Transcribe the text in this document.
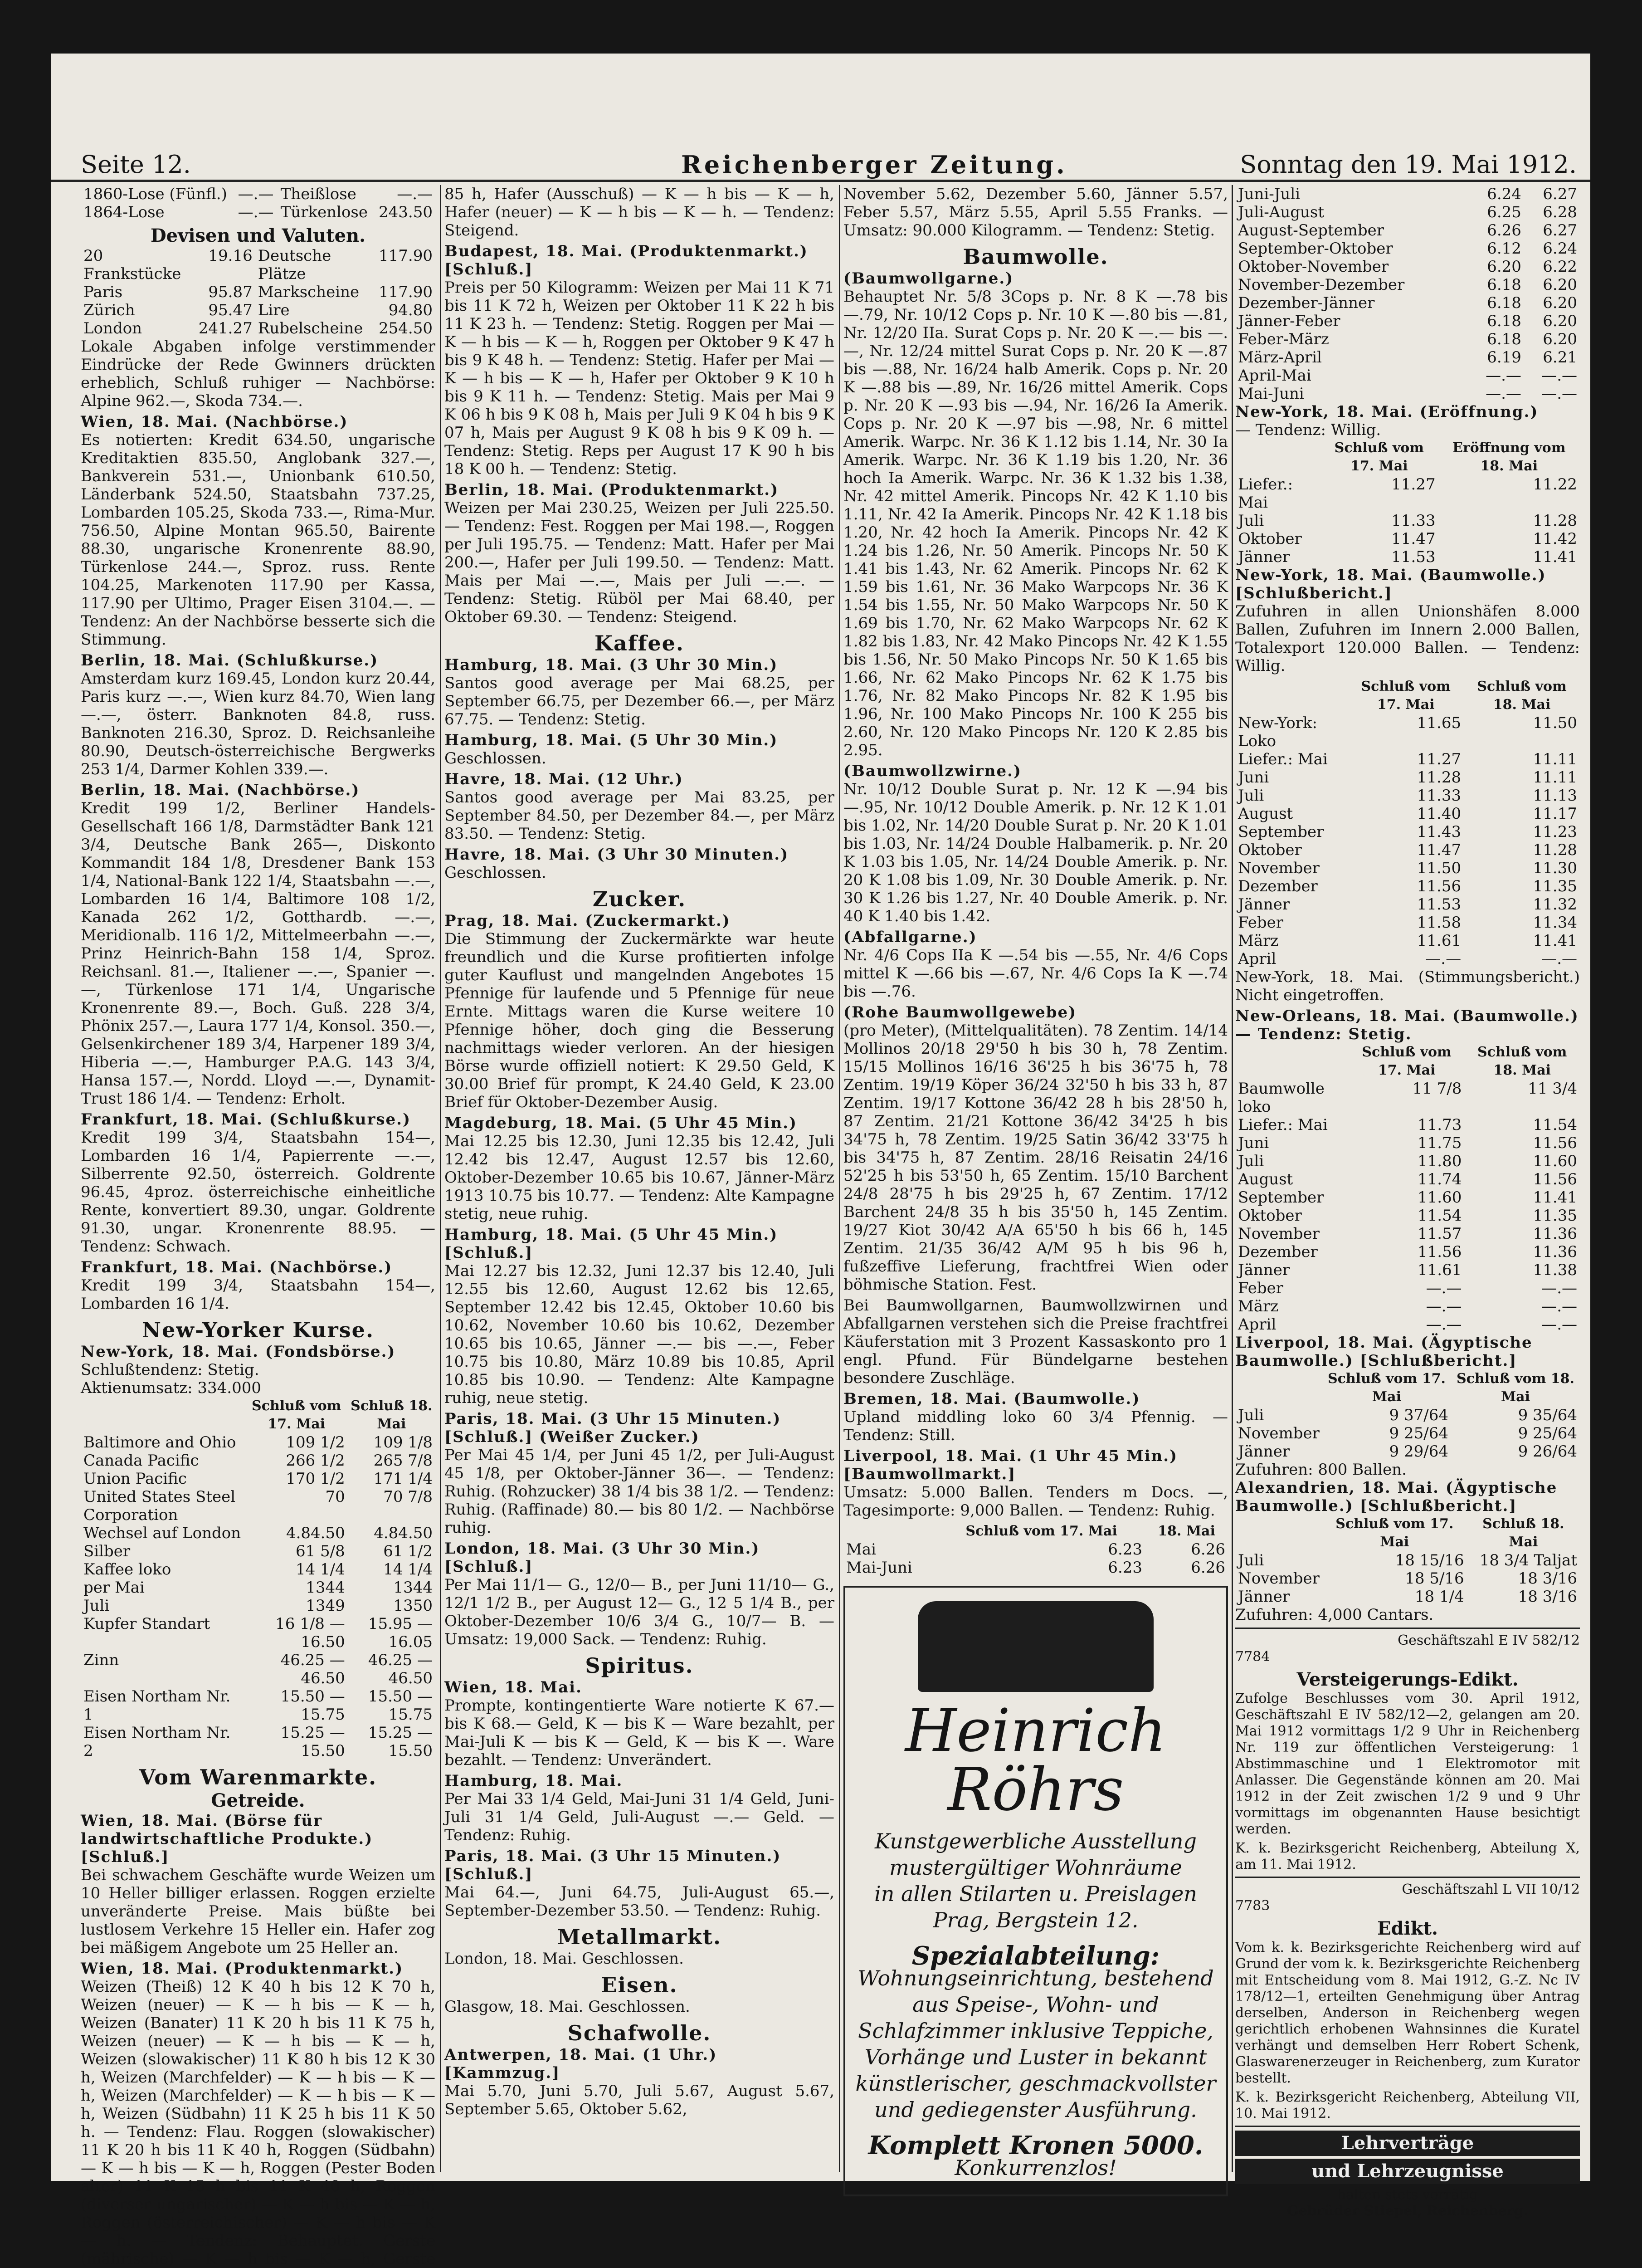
Seite 12.	Reichenberger Zeitung.	Sonntag den 19. Mai 1912.
1860-Lose (Fünfl.)	—.—	Theißlose	—.—
1864-Lose	—.—	Türkenlose	243.50
Devisen und Valuten.
20 Frankstücke	19.16	Deutsche Plätze	117.90
Paris	95.87	Markscheine	117.90
Zürich	95.47	Lire	94.80
London	241.27	Rubelscheine	254.50

Lokale Abgaben infolge verstimmender Eindrücke der Rede Gwinners drückten erheblich, Schluß ruhiger — Nachbörse: Alpine 962.—, Skoda 734.—.

Wien, 18. Mai. (Nachbörse.)

Es notierten: Kredit 634.50, ungarische Kreditaktien 835.50, Anglobank 327.—, Bankverein 531.—, Unionbank 610.50, Länderbank 524.50, Staatsbahn 737.25, Lombarden 105.25, Skoda 733.—, Rima-Mur. 756.50, Alpine Montan 965.50, Bairente 88.30, ungarische Kronenrente 88.90, Türkenlose 244.—, Sproz. russ. Rente 104.25, Markenoten 117.90 per Kassa, 117.90 per Ultimo, Prager Eisen 3104.—. — Tendenz: An der Nachbörse besserte sich die Stimmung.

Berlin, 18. Mai. (Schlußkurse.)

Amsterdam kurz 169.45, London kurz 20.44, Paris kurz —.—, Wien kurz 84.70, Wien lang —.—, österr. Banknoten 84.8, russ. Banknoten 216.30, Sproz. D. Reichsanleihe 80.90, Deutsch-österreichische Bergwerks 253 1/4, Darmer Kohlen 339.—.

Berlin, 18. Mai. (Nachbörse.)

Kredit 199 1/2, Berliner Handels-Gesellschaft 166 1/8, Darmstädter Bank 121 3/4, Deutsche Bank 265—, Diskonto Kommandit 184 1/8, Dresdener Bank 153 1/4, National-Bank 122 1/4, Staatsbahn —.—, Lombarden 16 1/4, Baltimore 108 1/2, Kanada 262 1/2, Gotthardb. —.—, Meridionalb. 116 1/2, Mittelmeerbahn —.—, Prinz Heinrich-Bahn 158 1/4, Sproz. Reichsanl. 81.—, Italiener —.—, Spanier —.—, Türkenlose 171 1/4, Ungarische Kronenrente 89.—, Boch. Guß. 228 3/4, Phönix 257.—, Laura 177 1/4, Konsol. 350.—, Gelsenkirchener 189 3/4, Harpener 189 3/4, Hiberia —.—, Hamburger P.A.G. 143 3/4, Hansa 157.—, Nordd. Lloyd —.—, Dynamit-Trust 186 1/4. — Tendenz: Erholt.

Frankfurt, 18. Mai. (Schlußkurse.)

Kredit 199 3/4, Staatsbahn 154—, Lombarden 16 1/4, Papierrente —.—, Silberrente 92.50, österreich. Goldrente 96.45, 4proz. österreichische einheitliche Rente, konvertiert 89.30, ungar. Goldrente 91.30, ungar. Kronenrente 88.95. — Tendenz: Schwach.

Frankfurt, 18. Mai. (Nachbörse.)

Kredit 199 3/4, Staatsbahn 154—, Lombarden 16 1/4.

New-Yorker Kurse.
New-York, 18. Mai. (Fondsbörse.)
Schlußtendenz: Stetig.
Aktienumsatz: 334.000
	Schluß vom 17. Mai	Schluß 18. Mai
Baltimore and Ohio	109 1/2	109 1/8
Canada Pacific	266 1/2	265 7/8
Union Pacific	170 1/2	171 1/4
United States Steel Corporation	70	70 7/8
Wechsel auf London	4.84.50	4.84.50
Silber	61 5/8	61 1/2
Kaffee loko	14 1/4	14 1/4
per Mai	1344	1344
Juli	1349	1350
Kupfer Standart	16 1/8 — 16.50	15.95 — 16.05
Zinn	46.25 — 46.50	46.25 — 46.50
Eisen Northam Nr. 1	15.50 — 15.75	15.50 — 15.75
Eisen Northam Nr. 2	15.25 — 15.50	15.25 — 15.50
Vom Warenmarkte.
Getreide.
Wien, 18. Mai. (Börse für landwirtschaftliche Produkte.) [Schluß.]

Bei schwachem Geschäfte wurde Weizen um 10 Heller billiger erlassen. Roggen erzielte unveränderte Preise. Mais büßte bei lustlosem Verkehre 15 Heller ein. Hafer zog bei mäßigem Angebote um 25 Heller an.

Wien, 18. Mai. (Produktenmarkt.)

Weizen (Theiß) 12 K 40 h bis 12 K 70 h, Weizen (neuer) — K — h bis — K — h, Weizen (Banater) 11 K 20 h bis 11 K 75 h, Weizen (neuer) — K — h bis — K — h, Weizen (slowakischer) 11 K 80 h bis 12 K 30 h, Weizen (Marchfelder) — K — h bis — K — h, Weizen (Marchfelder) — K — h bis — K — h, Weizen (Südbahn) 11 K 25 h bis 11 K 50 h. — Tendenz: Flau. Roggen (slowakischer) 11 K 20 h bis 11 K 40 h, Roggen (Südbahn) — K — h bis — K — h, Roggen (Pester Boden alter) 11 K 15 h bis 11 K 40 h, Roggen (diverser ungarischer) — K — h bis — K — h, Roggen (österreichischer) — K — h bis — K — h. — Tendenz: Behauptet. Gerste (mährische) — K — h bis — K — h, Gerste

85 h, Hafer (Ausschuß) — K — h bis — K — h, Hafer (neuer) — K — h bis — K — h. — Tendenz: Steigend.

Budapest, 18. Mai. (Produktenmarkt.) [Schluß.]

Preis per 50 Kilogramm: Weizen per Mai 11 K 71 bis 11 K 72 h, Weizen per Oktober 11 K 22 h bis 11 K 23 h. — Tendenz: Stetig. Roggen per Mai — K — h bis — K — h, Roggen per Oktober 9 K 47 h bis 9 K 48 h. — Tendenz: Stetig. Hafer per Mai — K — h bis — K — h, Hafer per Oktober 9 K 10 h bis 9 K 11 h. — Tendenz: Stetig. Mais per Mai 9 K 06 h bis 9 K 08 h, Mais per Juli 9 K 04 h bis 9 K 07 h, Mais per August 9 K 08 h bis 9 K 09 h. — Tendenz: Stetig. Reps per August 17 K 90 h bis 18 K 00 h. — Tendenz: Stetig.

Berlin, 18. Mai. (Produktenmarkt.)

Weizen per Mai 230.25, Weizen per Juli 225.50. — Tendenz: Fest. Roggen per Mai 198.—, Roggen per Juli 195.75. — Tendenz: Matt. Hafer per Mai 200.—, Hafer per Juli 199.50. — Tendenz: Matt. Mais per Mai —.—, Mais per Juli —.—. — Tendenz: Stetig. Rüböl per Mai 68.40, per Oktober 69.30. — Tendenz: Steigend.

Kaffee.
Hamburg, 18. Mai. (3 Uhr 30 Min.)

Santos good average per Mai 68.25, per September 66.75, per Dezember 66.—, per März 67.75. — Tendenz: Stetig.

Hamburg, 18. Mai. (5 Uhr 30 Min.)

Geschlossen.

Havre, 18. Mai. (12 Uhr.)

Santos good average per Mai 83.25, per September 84.50, per Dezember 84.—, per März 83.50. — Tendenz: Stetig.

Havre, 18. Mai. (3 Uhr 30 Minuten.)

Geschlossen.

Zucker.
Prag, 18. Mai. (Zuckermarkt.)

Die Stimmung der Zuckermärkte war heute freundlich und die Kurse profitierten infolge guter Kauflust und mangelnden Angebotes 15 Pfennige für laufende und 5 Pfennige für neue Ernte. Mittags waren die Kurse weitere 10 Pfennige höher, doch ging die Besserung nachmittags wieder verloren. An der hiesigen Börse wurde offiziell notiert: K 29.50 Geld, K 30.00 Brief für prompt, K 24.40 Geld, K 23.00 Brief für Oktober-Dezember Ausig.

Magdeburg, 18. Mai. (5 Uhr 45 Min.)

Mai 12.25 bis 12.30, Juni 12.35 bis 12.42, Juli 12.42 bis 12.47, August 12.57 bis 12.60, Oktober-Dezember 10.65 bis 10.67, Jänner-März 1913 10.75 bis 10.77. — Tendenz: Alte Kampagne stetig, neue ruhig.

Hamburg, 18. Mai. (5 Uhr 45 Min.) [Schluß.]

Mai 12.27 bis 12.32, Juni 12.37 bis 12.40, Juli 12.55 bis 12.60, August 12.62 bis 12.65, September 12.42 bis 12.45, Oktober 10.60 bis 10.62, November 10.60 bis 10.62, Dezember 10.65 bis 10.65, Jänner —.— bis —.—, Feber 10.75 bis 10.80, März 10.89 bis 10.85, April 10.85 bis 10.90. — Tendenz: Alte Kampagne ruhig, neue stetig.

Paris, 18. Mai. (3 Uhr 15 Minuten.) [Schluß.] (Weißer Zucker.)

Per Mai 45 1/4, per Juni 45 1/2, per Juli-August 45 1/8, per Oktober-Jänner 36—. — Tendenz: Ruhig. (Rohzucker) 38 1/4 bis 38 1/2. — Tendenz: Ruhig. (Raffinade) 80.— bis 80 1/2. — Nachbörse ruhig.

London, 18. Mai. (3 Uhr 30 Min.) [Schluß.]

Per Mai 11/1— G., 12/0— B., per Juni 11/10— G., 12/1 1/2 B., per August 12— G., 12 5 1/4 B., per Oktober-Dezember 10/6 3/4 G., 10/7— B. — Umsatz: 19,000 Sack. — Tendenz: Ruhig.

Spiritus.
Wien, 18. Mai.

Prompte, kontingentierte Ware notierte K 67.— bis K 68.— Geld, K — bis K — Ware bezahlt, per Mai-Juli K — bis K — Geld, K — bis K —. Ware bezahlt. — Tendenz: Unverändert.

Hamburg, 18. Mai.

Per Mai 33 1/4 Geld, Mai-Juni 31 1/4 Geld, Juni-Juli 31 1/4 Geld, Juli-August —.— Geld. — Tendenz: Ruhig.

Paris, 18. Mai. (3 Uhr 15 Minuten.) [Schluß.]

Mai 64.—, Juni 64.75, Juli-August 65.—, September-Dezember 53.50. — Tendenz: Ruhig.

Metallmarkt.

London, 18. Mai. Geschlossen.

Eisen.

Glasgow, 18. Mai. Geschlossen.

Schafwolle.
Antwerpen, 18. Mai. (1 Uhr.) [Kammzug.]

Mai 5.70, Juni 5.70, Juli 5.67, August 5.67, September 5.65, Oktober 5.62,

November 5.62, Dezember 5.60, Jänner 5.57, Feber 5.57, März 5.55, April 5.55 Franks. — Umsatz: 90.000 Kilogramm. — Tendenz: Stetig.

Baumwolle.
(Baumwollgarne.)

Behauptet Nr. 5/8 3Cops p. Nr. 8 K —.78 bis —.79, Nr. 10/12 Cops p. Nr. 10 K —.80 bis —.81, Nr. 12/20 IIa. Surat Cops p. Nr. 20 K —.— bis —.—, Nr. 12/24 mittel Surat Cops p. Nr. 20 K —.87 bis —.88, Nr. 16/24 halb Amerik. Cops p. Nr. 20 K —.88 bis —.89, Nr. 16/26 mittel Amerik. Cops p. Nr. 20 K —.93 bis —.94, Nr. 16/26 Ia Amerik. Cops p. Nr. 20 K —.97 bis —.98, Nr. 6 mittel Amerik. Warpc. Nr. 36 K 1.12 bis 1.14, Nr. 30 Ia Amerik. Warpc. Nr. 36 K 1.19 bis 1.20, Nr. 36 hoch Ia Amerik. Warpc. Nr. 36 K 1.32 bis 1.38, Nr. 42 mittel Amerik. Pincops Nr. 42 K 1.10 bis 1.11, Nr. 42 Ia Amerik. Pincops Nr. 42 K 1.18 bis 1.20, Nr. 42 hoch Ia Amerik. Pincops Nr. 42 K 1.24 bis 1.26, Nr. 50 Amerik. Pincops Nr. 50 K 1.41 bis 1.43, Nr. 62 Amerik. Pincops Nr. 62 K 1.59 bis 1.61, Nr. 36 Mako Warpcops Nr. 36 K 1.54 bis 1.55, Nr. 50 Mako Warpcops Nr. 50 K 1.69 bis 1.70, Nr. 62 Mako Warpcops Nr. 62 K 1.82 bis 1.83, Nr. 42 Mako Pincops Nr. 42 K 1.55 bis 1.56, Nr. 50 Mako Pincops Nr. 50 K 1.65 bis 1.66, Nr. 62 Mako Pincops Nr. 62 K 1.75 bis 1.76, Nr. 82 Mako Pincops Nr. 82 K 1.95 bis 1.96, Nr. 100 Mako Pincops Nr. 100 K 255 bis 2.60, Nr. 120 Mako Pincops Nr. 120 K 2.85 bis 2.95.

(Baumwollzwirne.)

Nr. 10/12 Double Surat p. Nr. 12 K —.94 bis —.95, Nr. 10/12 Double Amerik. p. Nr. 12 K 1.01 bis 1.02, Nr. 14/20 Double Surat p. Nr. 20 K 1.01 bis 1.03, Nr. 14/24 Double Halbamerik. p. Nr. 20 K 1.03 bis 1.05, Nr. 14/24 Double Amerik. p. Nr. 20 K 1.08 bis 1.09, Nr. 30 Double Amerik. p. Nr. 30 K 1.26 bis 1.27, Nr. 40 Double Amerik. p. Nr. 40 K 1.40 bis 1.42.

(Abfallgarne.)

Nr. 4/6 Cops IIa K —.54 bis —.55, Nr. 4/6 Cops mittel K —.66 bis —.67, Nr. 4/6 Cops Ia K —.74 bis —.76.

(Rohe Baumwollgewebe)

(pro Meter), (Mittelqualitäten). 78 Zentim. 14/14 Mollinos 20/18 29'50 h bis 30 h, 78 Zentim. 15/15 Mollinos 16/16 36'25 h bis 36'75 h, 78 Zentim. 19/19 Köper 36/24 32'50 h bis 33 h, 87 Zentim. 19/17 Kottone 36/42 28 h bis 28'50 h, 87 Zentim. 21/21 Kottone 36/42 34'25 h bis 34'75 h, 78 Zentim. 19/25 Satin 36/42 33'75 h bis 34'75 h, 87 Zentim. 28/16 Reisatin 24/16 52'25 h bis 53'50 h, 65 Zentim. 15/10 Barchent 24/8 28'75 h bis 29'25 h, 67 Zentim. 17/12 Barchent 24/8 35 h bis 35'50 h, 145 Zentim. 19/27 Kiot 30/42 A/A 65'50 h bis 66 h, 145 Zentim. 21/35 36/42 A/M 95 h bis 96 h, fußzeffive Lieferung, frachtfrei Wien oder böhmische Station. Fest.

Bei Baumwollgarnen, Baumwollzwirnen und Abfallgarnen verstehen sich die Preise frachtfrei Käuferstation mit 3 Prozent Kassaskonto pro 1 engl. Pfund. Für Bündelgarne bestehen besondere Zuschläge.

Bremen, 18. Mai. (Baumwolle.)

Upland middling loko 60 3/4 Pfennig. — Tendenz: Still.

Liverpool, 18. Mai. (1 Uhr 45 Min.) [Baumwollmarkt.]

Umsatz: 5.000 Ballen. Tenders m Docs. —, Tagesimporte: 9,000 Ballen. — Tendenz: Ruhig.

	Schluß vom 17. Mai	18. Mai
Mai	6.23	6.26
Mai-Juni	6.23	6.26
Heinrich Röhrs
Kunstgewerbliche Ausstellung
mustergültiger Wohnräume
in allen Stilarten u. Preislagen
Prag, Bergstein 12.
Spezialabteilung:
Wohnungseinrichtung, bestehend aus Speise-, Wohn- und Schlafzimmer inklusive Teppiche, Vorhänge und Luster in bekannt künstlerischer, geschmackvollster und gediegenster Ausführung.
Komplett Kronen 5000.
Konkurrenzlos!
Juni-Juli	6.24	6.27
Juli-August	6.25	6.28
August-September	6.26	6.27
September-Oktober	6.12	6.24
Oktober-November	6.20	6.22
November-Dezember	6.18	6.20
Dezember-Jänner	6.18	6.20
Jänner-Feber	6.18	6.20
Feber-März	6.18	6.20
März-April	6.19	6.21
April-Mai	—.—	—.—
Mai-Juni	—.—	—.—
New-York, 18. Mai. (Eröffnung.)
— Tendenz: Willig.
	Schluß vom 17. Mai	Eröffnung vom 18. Mai
Liefer.: Mai	11.27	11.22
Juli	11.33	11.28
Oktober	11.47	11.42
Jänner	11.53	11.41
New-York, 18. Mai. (Baumwolle.) [Schlußbericht.]

Zufuhren in allen Unionshäfen 8.000 Ballen, Zufuhren im Innern 2.000 Ballen, Totalexport 120.000 Ballen. — Tendenz: Willig.

	Schluß vom 17. Mai	Schluß vom 18. Mai
New-York: Loko	11.65	11.50
Liefer.: Mai	11.27	11.11
Juni	11.28	11.11
Juli	11.33	11.13
August	11.40	11.17
September	11.43	11.23
Oktober	11.47	11.28
November	11.50	11.30
Dezember	11.56	11.35
Jänner	11.53	11.32
Feber	11.58	11.34
März	11.61	11.41
April	—.—	—.—

New-York, 18. Mai. (Stimmungsbericht.) Nicht eingetroffen.

New-Orleans, 18. Mai. (Baumwolle.) — Tendenz: Stetig.
	Schluß vom 17. Mai	Schluß vom 18. Mai
Baumwolle loko	11 7/8	11 3/4
Liefer.: Mai	11.73	11.54
Juni	11.75	11.56
Juli	11.80	11.60
August	11.74	11.56
September	11.60	11.41
Oktober	11.54	11.35
November	11.57	11.36
Dezember	11.56	11.36
Jänner	11.61	11.38
Feber	—.—	—.—
März	—.—	—.—
April	—.—	—.—
Liverpool, 18. Mai. (Ägyptische Baumwolle.) [Schlußbericht.]
	Schluß vom 17. Mai	Schluß vom 18. Mai
Juli	9 37/64	9 35/64
November	9 25/64	9 25/64
Jänner	9 29/64	9 26/64
Zufuhren: 800 Ballen.
Alexandrien, 18. Mai. (Ägyptische Baumwolle.) [Schlußbericht.]
	Schluß vom 17. Mai	Schluß 18. Mai
Juli	18 15/16	18 3/4 Taljat
November	18 5/16	18 3/16
Jänner	18 1/4	18 3/16
Zufuhren: 4,000 Cantars.
Geschäftszahl E IV 582/12
7784
Versteigerungs-Edikt.

Zufolge Beschlusses vom 30. April 1912, Geschäftszahl E IV 582/12—2, gelangen am 20. Mai 1912 vormittags 1/2 9 Uhr in Reichenberg Nr. 119 zur öffentlichen Versteigerung: 1 Abstimmaschine und 1 Elektromotor mit Anlasser. Die Gegenstände können am 20. Mai 1912 in der Zeit zwischen 1/2 9 und 9 Uhr vormittags im obgenannten Hause besichtigt werden.

K. k. Bezirksgericht Reichenberg, Abteilung X, am 11. Mai 1912.

Geschäftszahl L VII 10/12
7783
Edikt.

Vom k. k. Bezirksgerichte Reichenberg wird auf Grund der vom k. k. Bezirksgerichte Reichenberg mit Entscheidung vom 8. Mai 1912, G.-Z. Nc IV 178/12—1, erteilten Genehmigung über Antrag derselben, Anderson in Reichenberg wegen gerichtlich erhobenen Wahnsinnes die Kuratel verhängt und demselben Herr Robert Schenk, Glaswarenerzeuger in Reichenberg, zum Kurator bestellt.

K. k. Bezirksgericht Reichenberg, Abteilung VII, 10. Mai 1912.

Lehrverträge
und Lehrzeugnisse
halten stets vorrätig
Gebrüder Stiepel, Reichenberg.
